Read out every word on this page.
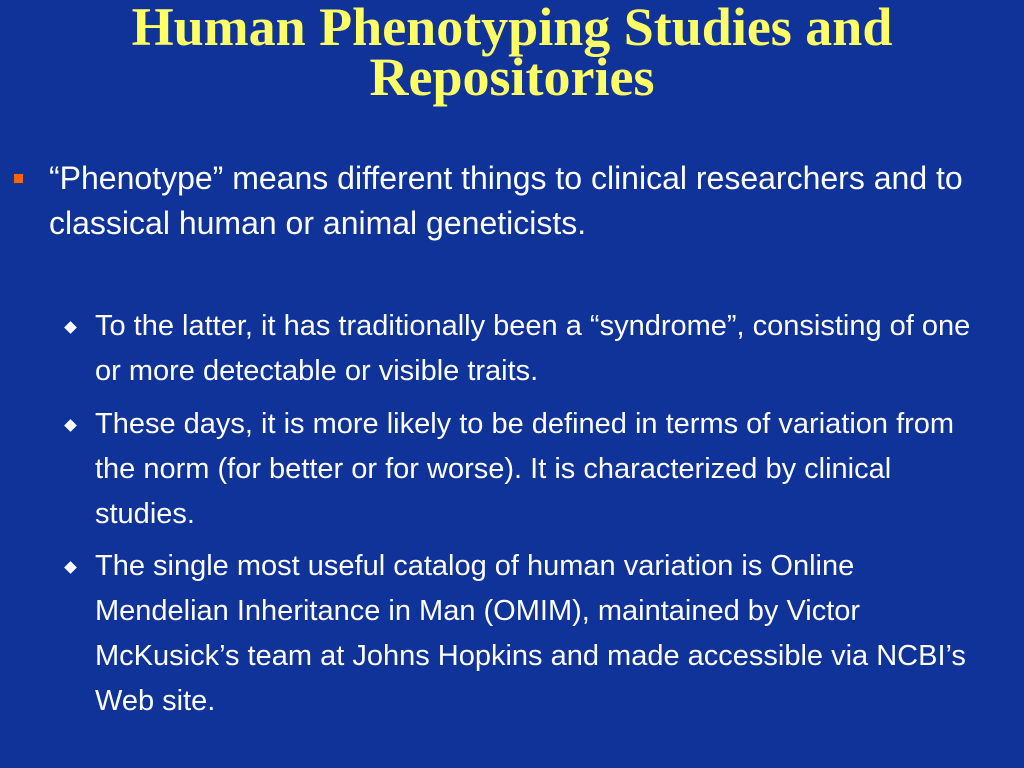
Human Phenotyping Studies and
Repositories
“Phenotype” means different things to clinical researchers and to classical human or animal geneticists.
To the latter, it has traditionally been a “syndrome”, consisting of one or more detectable or visible traits.
These days, it is more likely to be defined in terms of variation from the norm (for better or for worse). It is characterized by clinical studies.
The single most useful catalog of human variation is Online Mendelian Inheritance in Man (OMIM), maintained by Victor McKusick’s team at Johns Hopkins and made accessible via NCBI’s Web site.
